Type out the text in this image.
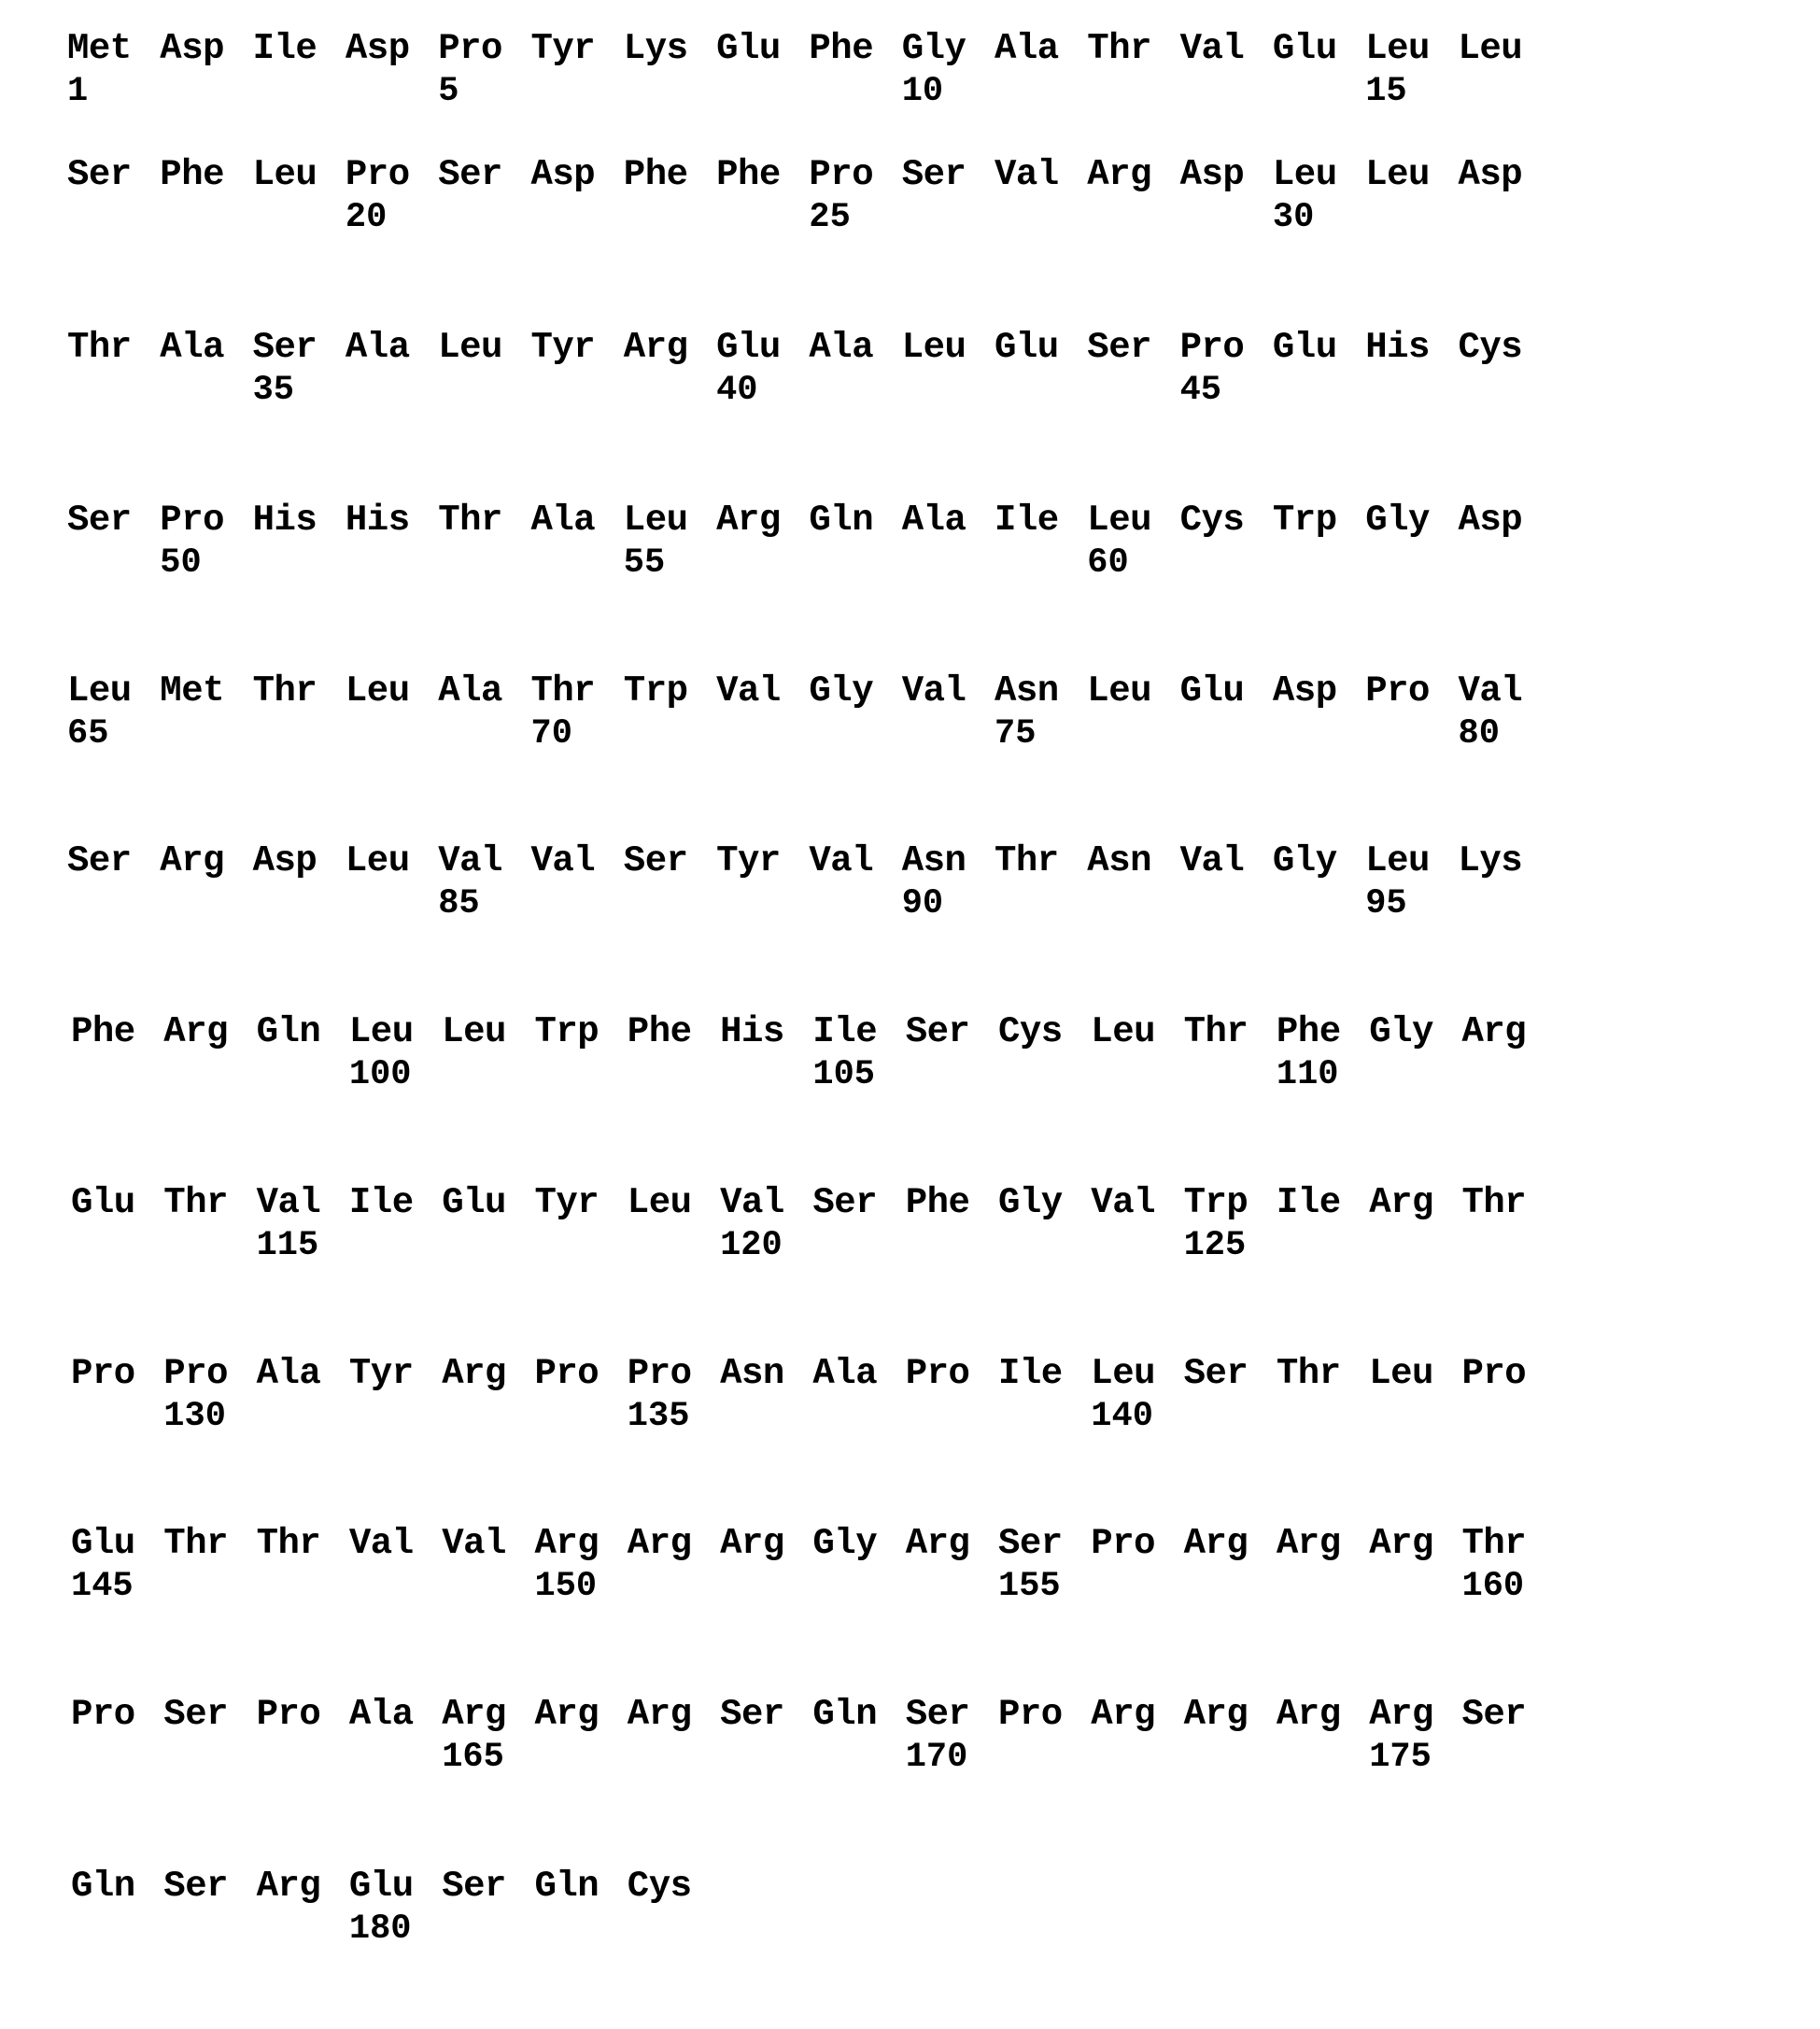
Met Asp Ile Asp Pro Tyr Lys Glu Phe Gly Ala Thr Val Glu Leu Leu
1	5	10	15
Ser Phe Leu Pro Ser Asp Phe Phe Pro Ser Val Arg Asp Leu Leu Asp
20	25	30
Thr Ala Ser Ala Leu Tyr Arg Glu Ala Leu Glu Ser Pro Glu His Cys
35	40	45
Ser Pro His His Thr Ala Leu Arg Gln Ala Ile Leu Cys Trp Gly Asp
50	55	60
Leu Met Thr Leu Ala Thr Trp Val Gly Val Asn Leu Glu Asp Pro Val
65	70	75	80
Ser Arg Asp Leu Val Val Ser Tyr Val Asn Thr Asn Val Gly Leu Lys
85	90	95
Phe Arg Gln Leu Leu Trp Phe His Ile Ser Cys Leu Thr Phe Gly Arg
100	105	110
Glu Thr Val Ile Glu Tyr Leu Val Ser Phe Gly Val Trp Ile Arg Thr
115	120	125
Pro Pro Ala Tyr Arg Pro Pro Asn Ala Pro Ile Leu Ser Thr Leu Pro
130	135	140
Glu Thr Thr Val Val Arg Arg Arg Gly Arg Ser Pro Arg Arg Arg Thr
145	150	155	160
Pro Ser Pro Ala Arg Arg Arg Ser Gln Ser Pro Arg Arg Arg Arg Ser
165	170	175
Gln Ser Arg Glu Ser Gln Cys
180
